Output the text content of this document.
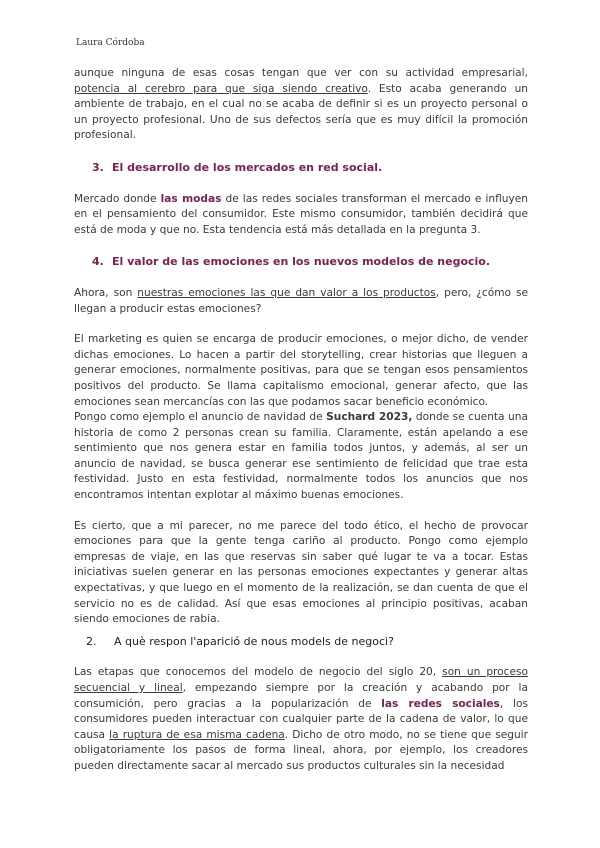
Laura Córdoba

aunque ninguna de esas cosas tengan que ver con su actividad empresarial, potencia al cerebro para que siga siendo creativo. Esto acaba generando un ambiente de trabajo, en el cual no se acaba de definir si es un proyecto personal o un proyecto profesional. Uno de sus defectos sería que es muy difícil la promoción profesional.

3. El desarrollo de los mercados en red social.

Mercado donde las modas de las redes sociales transforman el mercado e influyen en el pensamiento del consumidor. Este mismo consumidor, también decidirá que está de moda y que no. Esta tendencia está más detallada en la pregunta 3.

4. El valor de las emociones en los nuevos modelos de negocio.

Ahora, son nuestras emociones las que dan valor a los productos, pero, ¿cómo se llegan a producir estas emociones?

El marketing es quien se encarga de producir emociones, o mejor dicho, de vender dichas emociones. Lo hacen a partir del storytelling, crear historias que lleguen a generar emociones, normalmente positivas, para que se tengan esos pensamientos positivos del producto. Se llama capitalismo emocional, generar afecto, que las emociones sean mercancías con las que podamos sacar beneficio económico.

Pongo como ejemplo el anuncio de navidad de Suchard 2023, donde se cuenta una historia de como 2 personas crean su familia. Claramente, están apelando a ese sentimiento que nos genera estar en familia todos juntos, y además, al ser un anuncio de navidad, se busca generar ese sentimiento de felicidad que trae esta festividad. Justo en esta festividad, normalmente todos los anuncios que nos encontramos intentan explotar al máximo buenas emociones.

Es cierto, que a mi parecer, no me parece del todo ético, el hecho de provocar emociones para que la gente tenga cariño al producto. Pongo como ejemplo empresas de viaje, en las que reservas sin saber qué lugar te va a tocar. Estas iniciativas suelen generar en las personas emociones expectantes y generar altas expectativas, y que luego en el momento de la realización, se dan cuenta de que el servicio no es de calidad. Así que esas emociones al principio positivas, acaban siendo emociones de rabia.

2. A què respon l'aparició de nous models de negoci?

Las etapas que conocemos del modelo de negocio del siglo 20, son un proceso secuencial y lineal, empezando siempre por la creación y acabando por la consumición, pero gracias a la popularización de las redes sociales, los consumidores pueden interactuar con cualquier parte de la cadena de valor, lo que causa la ruptura de esa misma cadena. Dicho de otro modo, no se tiene que seguir obligatoriamente los pasos de forma lineal, ahora, por ejemplo, los creadores pueden directamente sacar al mercado sus productos culturales sin la necesidad
